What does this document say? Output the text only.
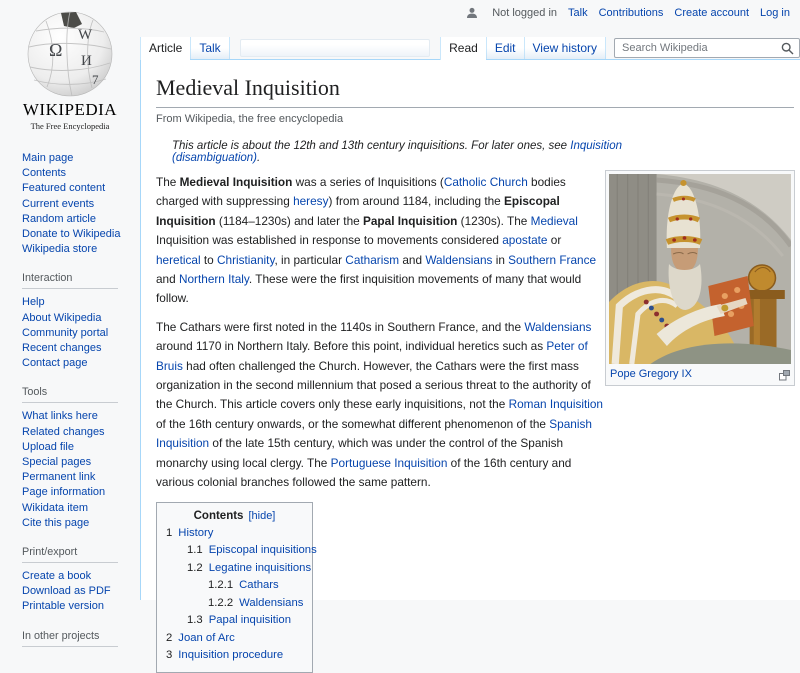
Not logged in Talk Contributions Create account Log in
Ω
W
И
7
WIKIPEDIA
The Free Encyclopedia
Main page
Contents
Featured content
Current events
Random article
Donate to Wikipedia
Wikipedia store
Interaction
Help
About Wikipedia
Community portal
Recent changes
Contact page
Tools
What links here
Related changes
Upload file
Special pages
Permanent link
Page information
Wikidata item
Cite this page
Print/export
Create a book
Download as PDF
Printable version
In other projects
Article	Talk	Read	Edit	View history
Search Wikipedia
Medieval Inquisition
From Wikipedia, the free encyclopedia
This article is about the 12th and 13th century inquisitions. For later ones, see Inquisition (disambiguation).

The Medieval Inquisition was a series of Inquisitions (Catholic Church bodies charged with suppressing heresy) from around 1184, including the Episcopal Inquisition (1184–1230s) and later the Papal Inquisition (1230s). The Medieval Inquisition was established in response to movements considered apostate or heretical to Christianity, in particular Catharism and Waldensians in Southern France and Northern Italy. These were the first inquisition movements of many that would follow.

The Cathars were first noted in the 1140s in Southern France, and the Waldensians around 1170 in Northern Italy. Before this point, individual heretics such as Peter of Bruis had often challenged the Church. However, the Cathars were the first mass organization in the second millennium that posed a serious threat to the authority of the Church. This article covers only these early inquisitions, not the Roman Inquisition of the 16th century onwards, or the somewhat different phenomenon of the Spanish Inquisition of the late 15th century, which was under the control of the Spanish monarchy using local clergy. The Portuguese Inquisition of the 16th century and various colonial branches followed the same pattern.

Contents [hide]
1 History
1.1 Episcopal inquisitions
1.2 Legatine inquisitions
1.2.1 Cathars
1.2.2 Waldensians
1.3 Papal inquisition
2 Joan of Arc
3 Inquisition procedure
Pope Gregory IX
